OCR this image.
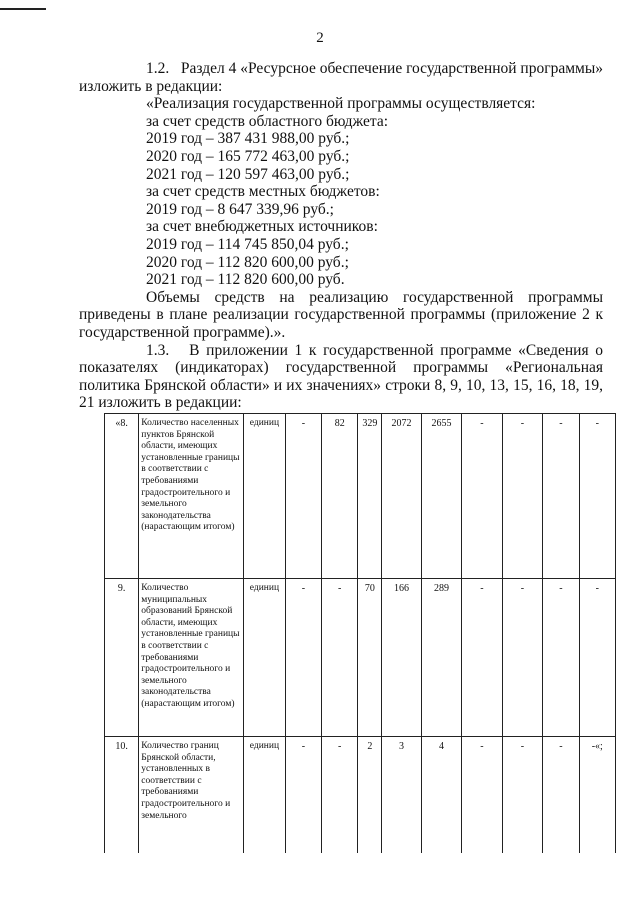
2

1.2.   Раздел 4 «Ресурсное обеспечение государственной программы» изложить в редакции:

«Реализация государственной программы осуществляется:

за счет средств областного бюджета:

2019 год – 387 431 988,00 руб.;

2020 год – 165 772 463,00 руб.;

2021 год – 120 597 463,00 руб.;

за счет средств местных бюджетов:

2019 год – 8 647 339,96 руб.;

за счет внебюджетных источников:

2019 год – 114 745 850,04 руб.;

2020 год – 112 820 600,00 руб.;

2021 год – 112 820 600,00 руб.

Объемы средств на реализацию государственной программы приведены в плане реализации государственной программы (приложение 2 к государственной программе).».

1.3.   В приложении 1 к государственной программе «Сведения о показателях (индикаторах) государственной программы «Региональная политика Брянской области» и их значениях» строки 8, 9, 10, 13, 15, 16, 18, 19, 21 изложить в редакции:

«8.	Количество населенных пунктов Брянской области, имеющих установленные границы в соответствии с требованиями градостроительного и земельного законодательства (нарастающим итогом)	единиц	-	82	329	2072	2655	-	-	-	-
9.	Количество муниципальных образований Брянской области, имеющих установленные границы в соответствии с требованиями градостроительного и земельного законодательства (нарастающим итогом)	единиц	-	-	70	166	289	-	-	-	-
10.	Количество границ Брянской области, установленных в соответствии с требованиями градостроительного и земельного	единиц	-	-	2	3	4	-	-	-	-«;
